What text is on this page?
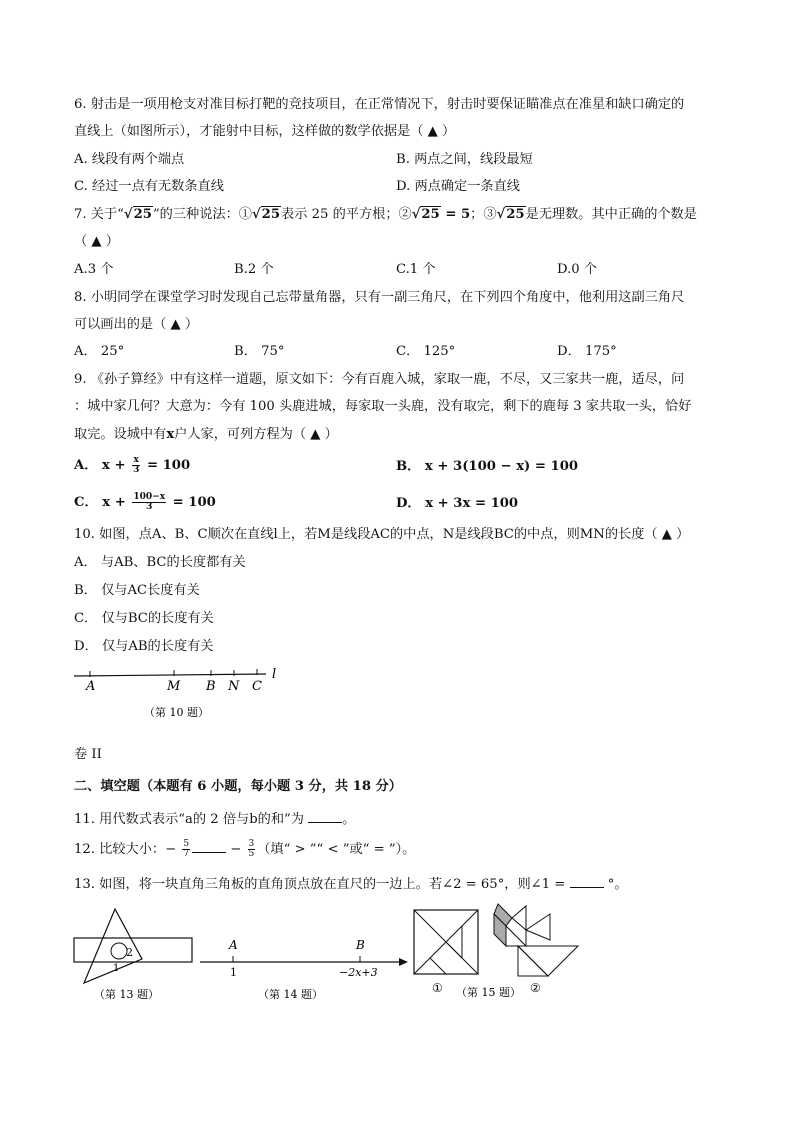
6. 射击是一项用枪支对准目标打靶的竞技项目，在正常情况下，射击时要保证瞄准点在准星和缺口确定的
直线上（如图所示），才能射中目标，这样做的数学依据是（ ▲ ）
A. 线段有两个端点	B. 两点之间，线段最短
C. 经过一点有无数条直线	D. 两点确定一条直线
7. 关于“√25”的三种说法：①√25表示 25 的平方根；②√25 = 5；③√25是无理数。其中正确的个数是
（ ▲ ）
A.3 个	B.2 个	C.1 个	D.0 个
8. 小明同学在课堂学习时发现自己忘带量角器，只有一副三角尺，在下列四个角度中，他利用这副三角尺
可以画出的是（ ▲ ）
A． 25°	B． 75°	C． 125°	D． 175°
9. 《孙子算经》中有这样一道题，原文如下：今有百鹿入城，家取一鹿，不尽，又三家共一鹿，适尽，问
：城中家几何？大意为：今有 100 头鹿进城，每家取一头鹿，没有取完，剩下的鹿每 3 家共取一头，恰好
取完。设城中有x户人家，可列方程为（ ▲ ）
A． $x + \frac{x}{3} = 100$	B． x + 3(100 − x) = 100
C． $x + \frac{100-x}{3} = 100$	D． x + 3x = 100
10. 如图，点A、B、C顺次在直线l上，若M是线段AC的中点，N是线段BC的中点，则MN的长度（ ▲ ）
A． 与AB、BC的长度都有关
B． 仅与AC长度有关
C． 仅与BC的长度有关
D． 仅与AB的长度有关
A	M B N C
l
（第 10 题）
卷 II
二、填空题（本题有 6 小题，每小题 3 分，共 18 分）
11. 用代数式表示“a的 2 倍与b的和”为	。
12. 比较大小：− $\frac{5}{7}$	− $\frac{3}{5}$ （填“ > ”“ < ”或“ = ”）。
13. 如图，将一块直角三角板的直角顶点放在直尺的一边上。若∠2 = 65°，则∠1 =	°。
2
1
（第 13 题）
A	B
1	−2x+3
（第 14 题）	① （第 15 题） ②
